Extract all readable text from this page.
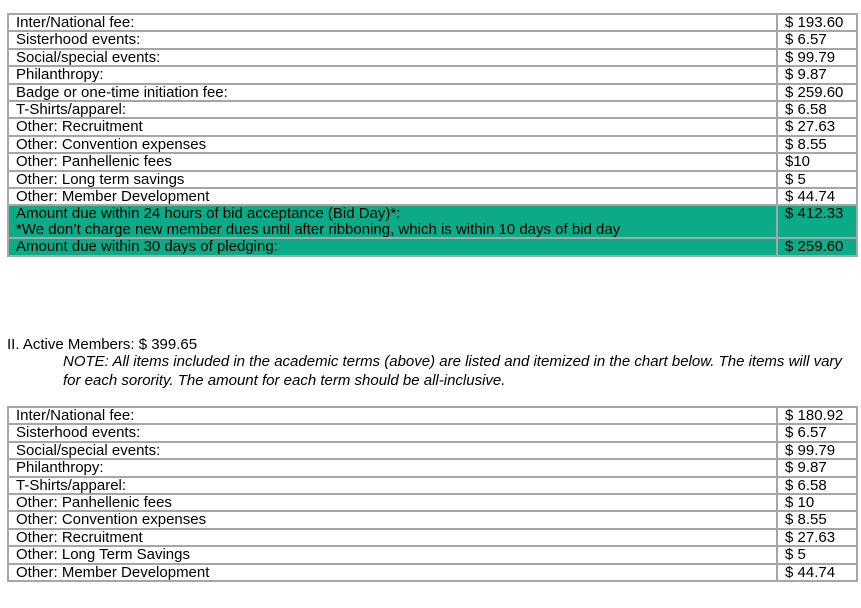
Inter/National fee:	$ 193.60
Sisterhood events:	$ 6.57
Social/special events:	$ 99.79
Philanthropy:	$ 9.87
Badge or one-time initiation fee:	$ 259.60
T-Shirts/apparel:	$ 6.58
Other: Recruitment	$ 27.63
Other: Convention expenses	$ 8.55
Other: Panhellenic fees	$10
Other: Long term savings	$ 5
Other: Member Development	$ 44.74

Amount due within 24 hours of bid acceptance (Bid Day)*:
*We don’t charge new member dues until after ribboning, which is within 10 days of bid day	$ 412.33
Amount due within 30 days of pledging:	$ 259.60
II. Active Members: $ 399.65
NOTE: All items included in the academic terms (above) are listed and itemized in the chart below. The items will vary for each sorority. The amount for each term should be all-inclusive.
Inter/National fee:	$ 180.92
Sisterhood events:	$ 6.57
Social/special events:	$ 99.79
Philanthropy:	$ 9.87
T-Shirts/apparel:	$ 6.58
Other: Panhellenic fees	$ 10
Other: Convention expenses	$ 8.55
Other: Recruitment	$ 27.63
Other: Long Term Savings	$ 5
Other: Member Development	$ 44.74
